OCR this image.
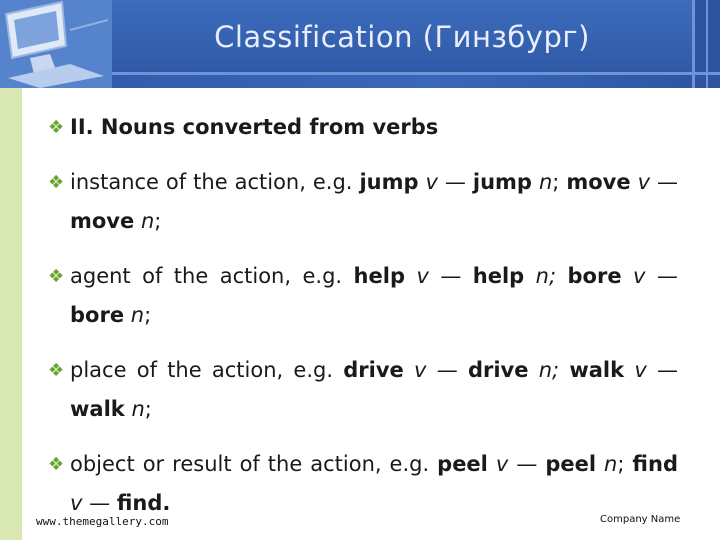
Classification (Гинзбург)
❖ II. Nouns converted from verbs
❖ instance of the action, e.g. jump v — jump n; move v — move n;
❖ agent of the action, e.g. help v — help n; bore v — bore n;
❖ place of the action, e.g. drive v — drive n; walk v — walk n;
❖ object or result of the action, e.g. peel v — peel n; find v — find.
www.themegallery.com	Company Name
